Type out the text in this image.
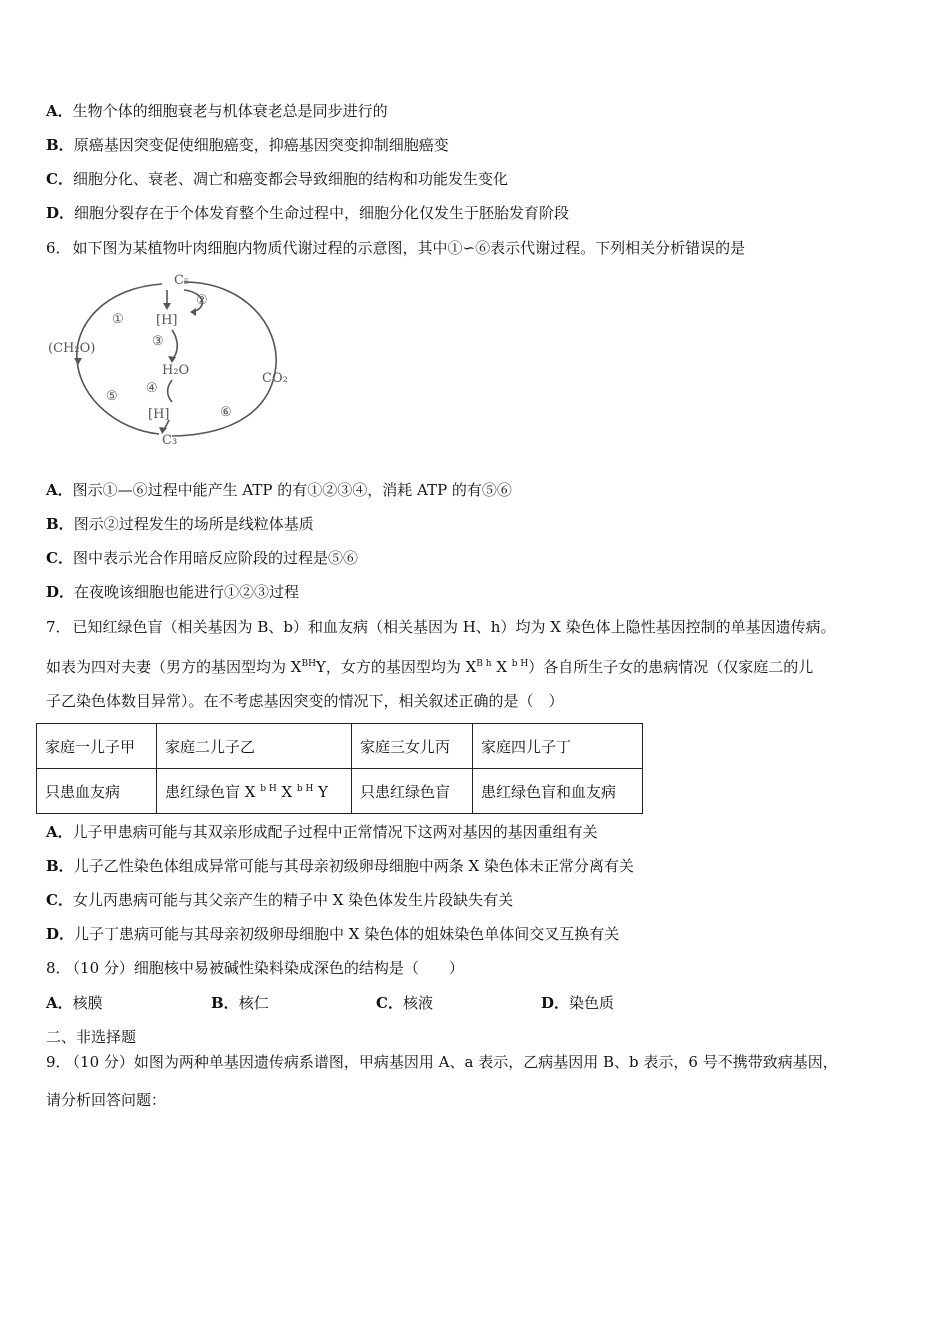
A．生物个体的细胞衰老与机体衰老总是同步进行的
B．原癌基因突变促使细胞癌变，抑癌基因突变抑制细胞癌变
C．细胞分化、衰老、凋亡和癌变都会导致细胞的结构和功能发生变化
D．细胞分裂存在于个体发育整个生命过程中，细胞分化仅发生于胚胎发育阶段
6． 如下图为某植物叶肉细胞内物质代谢过程的示意图，其中①∽⑥表示代谢过程。下列相关分析错误的是
C₅
②
① [H]
③
(CH₂O)
H₂O
CO₂
④
⑤
[H]	⑥
C₃
A．图示①—⑥过程中能产生 ATP 的有①②③④，消耗 ATP 的有⑤⑥
B．图示②过程发生的场所是线粒体基质
C．图中表示光合作用暗反应阶段的过程是⑤⑥
D．在夜晚该细胞也能进行①②③过程
7． 已知红绿色盲（相关基因为 B、b）和血友病（相关基因为 H、h）均为 X 染色体上隐性基因控制的单基因遗传病。
如表为四对夫妻（男方的基因型均为 $X^{BH}Y$，女方的基因型均为 $X^{B h}$ X $^{b H}$）各自所生子女的患病情况（仅家庭二的儿
子乙染色体数目异常）。在不考虑基因突变的情况下，相关叙述正确的是（　）
家庭一儿子甲	家庭二儿子乙	家庭三女儿丙	家庭四儿子丁
只患血友病	患红绿色盲 X $^{b H}$ X $^{b H}$ Y	只患红绿色盲	患红绿色盲和血友病
A．儿子甲患病可能与其双亲形成配子过程中正常情况下这两对基因的基因重组有关
B．儿子乙性染色体组成异常可能与其母亲初级卵母细胞中两条 X 染色体未正常分离有关
C．女儿丙患病可能与其父亲产生的精子中 X 染色体发生片段缺失有关
D．儿子丁患病可能与其母亲初级卵母细胞中 X 染色体的姐妹染色单体间交叉互换有关
8． （10 分）细胞核中易被碱性染料染成深色的结构是（　　）
A．核膜	B．核仁	C．核液	D．染色质
二、非选择题
9． （10 分）如图为两种单基因遗传病系谱图，甲病基因用 A、a 表示，乙病基因用 B、b 表示，6 号不携带致病基因，
请分析回答问题：
